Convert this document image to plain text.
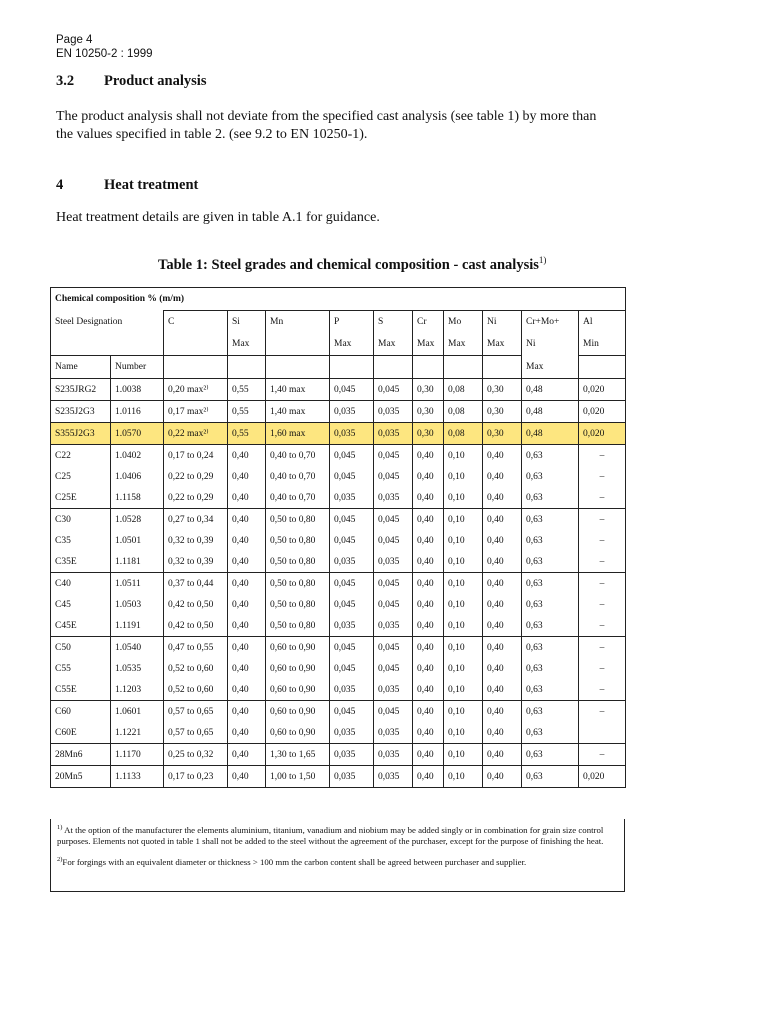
Page 4
EN 10250-2 : 1999
3.2 Product analysis
The product analysis shall not deviate from the specified cast analysis (see table 1) by more than the values specified in table 2. (see 9.2 to EN 10250-1).
4	Heat treatment
Heat treatment details are given in table A.1 for guidance.
Table 1: Steel grades and chemical composition - cast analysis$^{1)}$
Chemical composition % (m/m)											
Steel Designation		C	Si	Mn	P	S	Cr	Mo	Ni	Cr+Mo+	Al
			Max		Max	Max	Max	Max	Max	Ni	Min
Name	Number									Max	
S235JRG2	1.0038	0,20 max²⁾	0,55	1,40 max	0,045	0,045	0,30	0,08	0,30	0,48	0,020
S235J2G3	1.0116	0,17 max²⁾	0,55	1,40 max	0,035	0,035	0,30	0,08	0,30	0,48	0,020
S355J2G3	1.0570	0,22 max²⁾	0,55	1,60 max	0,035	0,035	0,30	0,08	0,30	0,48	0,020
C22	1.0402	0,17 to 0,24	0,40	0,40 to 0,70	0,045	0,045	0,40	0,10	0,40	0,63	–
C25	1.0406	0,22 to 0,29	0,40	0,40 to 0,70	0,045	0,045	0,40	0,10	0,40	0,63	–
C25E	1.1158	0,22 to 0,29	0,40	0,40 to 0,70	0,035	0,035	0,40	0,10	0,40	0,63	–
C30	1.0528	0,27 to 0,34	0,40	0,50 to 0,80	0,045	0,045	0,40	0,10	0,40	0,63	–
C35	1.0501	0,32 to 0,39	0,40	0,50 to 0,80	0,045	0,045	0,40	0,10	0,40	0,63	–
C35E	1.1181	0,32 to 0,39	0,40	0,50 to 0,80	0,035	0,035	0,40	0,10	0,40	0,63	–
C40	1.0511	0,37 to 0,44	0,40	0,50 to 0,80	0,045	0,045	0,40	0,10	0,40	0,63	–
C45	1.0503	0,42 to 0,50	0,40	0,50 to 0,80	0,045	0,045	0,40	0,10	0,40	0,63	–
C45E	1.1191	0,42 to 0,50	0,40	0,50 to 0,80	0,035	0,035	0,40	0,10	0,40	0,63	–
C50	1.0540	0,47 to 0,55	0,40	0,60 to 0,90	0,045	0,045	0,40	0,10	0,40	0,63	–
C55	1.0535	0,52 to 0,60	0,40	0,60 to 0,90	0,045	0,045	0,40	0,10	0,40	0,63	–
C55E	1.1203	0,52 to 0,60	0,40	0,60 to 0,90	0,035	0,035	0,40	0,10	0,40	0,63	–
C60	1.0601	0,57 to 0,65	0,40	0,60 to 0,90	0,045	0,045	0,40	0,10	0,40	0,63	–
C60E	1.1221	0,57 to 0,65	0,40	0,60 to 0,90	0,035	0,035	0,40	0,10	0,40	0,63	
28Mn6	1.1170	0,25 to 0,32	0,40	1,30 to 1,65	0,035	0,035	0,40	0,10	0,40	0,63	–
20Mn5	1.1133	0,17 to 0,23	0,40	1,00 to 1,50	0,035	0,035	0,40	0,10	0,40	0,63	0,020

$^{1)}$ At the option of the manufacturer the elements aluminium, titanium, vanadium and niobium may be added singly or in combination for grain size control purposes. Elements not quoted in table 1 shall not be added to the steel without the agreement of the purchaser, except for the purpose of finishing the heat.

$^{2)}$For forgings with an equivalent diameter or thickness > 100 mm the carbon content shall be agreed between purchaser and supplier.
